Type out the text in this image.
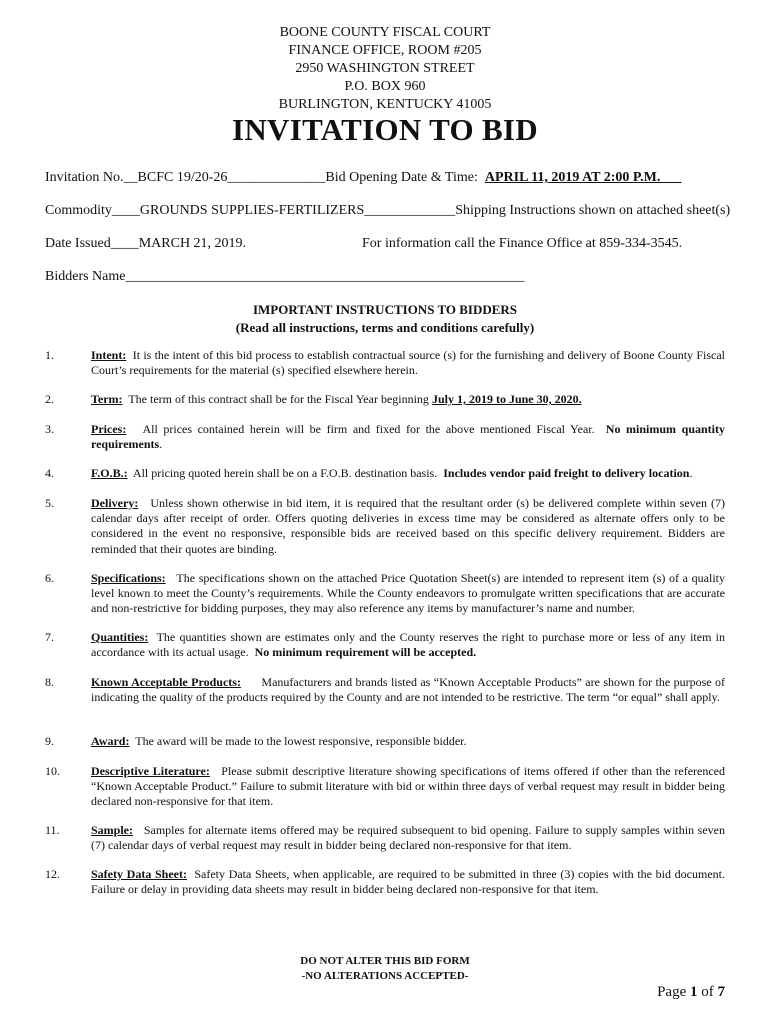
BOONE COUNTY FISCAL COURT
FINANCE OFFICE, ROOM #205
2950 WASHINGTON STREET
P.O. BOX 960
BURLINGTON, KENTUCKY 41005
INVITATION TO BID
Invitation No.__BCFC 19/20-26______________Bid Opening Date & Time: APRIL 11, 2019 AT 2:00 P.M.___
Commodity____GROUNDS SUPPLIES-FERTILIZERS_____________Shipping Instructions shown on attached sheet(s)
Date Issued____MARCH 21, 2019.	For information call the Finance Office at 859-334-3545.
Bidders Name_________________________________________________________
IMPORTANT INSTRUCTIONS TO BIDDERS
(Read all instructions, terms and conditions carefully)
1.	Intent: It is the intent of this bid process to establish contractual source (s) for the furnishing and delivery of Boone County Fiscal Court’s requirements for the material (s) specified elsewhere herein.
2.	Term: The term of this contract shall be for the Fiscal Year beginning July 1, 2019 to June 30, 2020.
3.	Prices: All prices contained herein will be firm and fixed for the above mentioned Fiscal Year. No minimum quantity requirements.
4.	F.O.B.: All pricing quoted herein shall be on a F.O.B. destination basis. Includes vendor paid freight to delivery location.
5.	Delivery: Unless shown otherwise in bid item, it is required that the resultant order (s) be delivered complete within seven (7) calendar days after receipt of order. Offers quoting deliveries in excess time may be considered as alternate offers only to be considered in the event no responsive, responsible bids are received based on this specific delivery requirement. Bidders are reminded that their quotes are binding.
6.	Specifications: The specifications shown on the attached Price Quotation Sheet(s) are intended to represent item (s) of a quality level known to meet the County’s requirements. While the County endeavors to promulgate written specifications that are accurate and non-restrictive for bidding purposes, they may also reference any items by manufacturer’s name and number.
7.	Quantities: The quantities shown are estimates only and the County reserves the right to purchase more or less of any item in accordance with its actual usage. No minimum requirement will be accepted.
8.	Known Acceptable Products: Manufacturers and brands listed as “Known Acceptable Products” are shown for the purpose of indicating the quality of the products required by the County and are not intended to be restrictive. The term “or equal” shall apply.
9.	Award: The award will be made to the lowest responsive, responsible bidder.
10.	Descriptive Literature: Please submit descriptive literature showing specifications of items offered if other than the referenced “Known Acceptable Product.” Failure to submit literature with bid or within three days of verbal request may result in bidder being declared non-responsive for that item.
11.	Sample: Samples for alternate items offered may be required subsequent to bid opening. Failure to supply samples within seven (7) calendar days of verbal request may result in bidder being declared non-responsive for that item.
12.	Safety Data Sheet: Safety Data Sheets, when applicable, are required to be submitted in three (3) copies with the bid document. Failure or delay in providing data sheets may result in bidder being declared non-responsive for that item.
DO NOT ALTER THIS BID FORM
-NO ALTERATIONS ACCEPTED-
Page 1 of 7
